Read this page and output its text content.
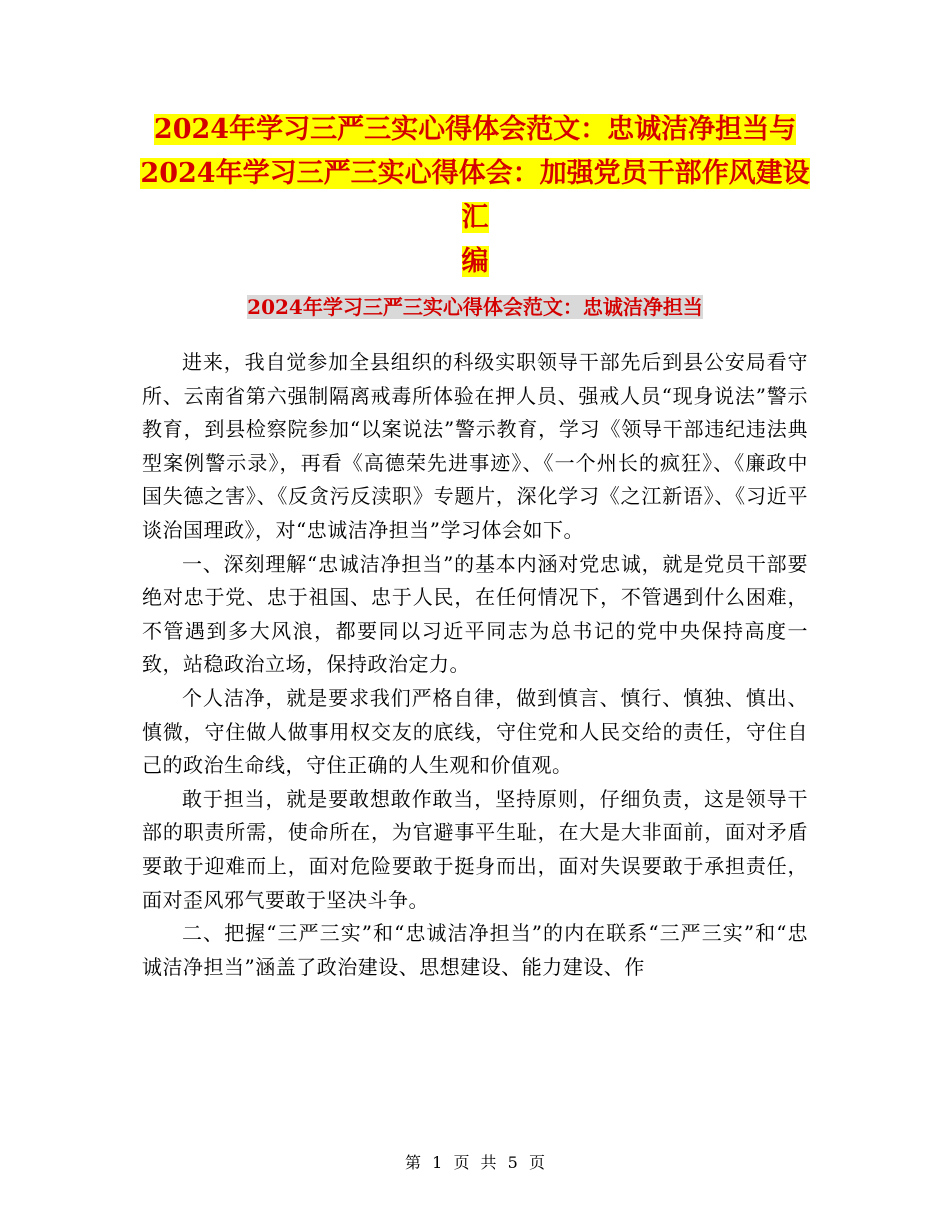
2024年学习三严三实心得体会范文：忠诚洁净担当与
2024年学习三严三实心得体会：加强党员干部作风建设汇
编
2024年学习三严三实心得体会范文：忠诚洁净担当

进来，我自觉参加全县组织的科级实职领导干部先后到县公安局看守所、云南省第六强制隔离戒毒所体验在押人员、强戒人员“现身说法”警示教育，到县检察院参加“以案说法”警示教育，学习《领导干部违纪违法典型案例警示录》，再看《高德荣先进事迹》、《一个州长的疯狂》、《廉政中国失德之害》、《反贪污反渎职》专题片，深化学习《之江新语》、《习近平谈治国理政》，对“忠诚洁净担当”学习体会如下。

一、深刻理解“忠诚洁净担当”的基本内涵对党忠诚，就是党员干部要绝对忠于党、忠于祖国、忠于人民，在任何情况下，不管遇到什么困难，不管遇到多大风浪，都要同以习近平同志为总书记的党中央保持高度一致，站稳政治立场，保持政治定力。

个人洁净，就是要求我们严格自律，做到慎言、慎行、慎独、慎出、慎微，守住做人做事用权交友的底线，守住党和人民交给的责任，守住自己的政治生命线，守住正确的人生观和价值观。

敢于担当，就是要敢想敢作敢当，坚持原则，仔细负责，这是领导干部的职责所需，使命所在，为官避事平生耻，在大是大非面前，面对矛盾要敢于迎难而上，面对危险要敢于挺身而出，面对失误要敢于承担责任，面对歪风邪气要敢于坚决斗争。

二、把握“三严三实”和“忠诚洁净担当”的内在联系“三严三实”和“忠诚洁净担当”涵盖了政治建设、思想建设、能力建设、作

第 1 页 共 5 页
